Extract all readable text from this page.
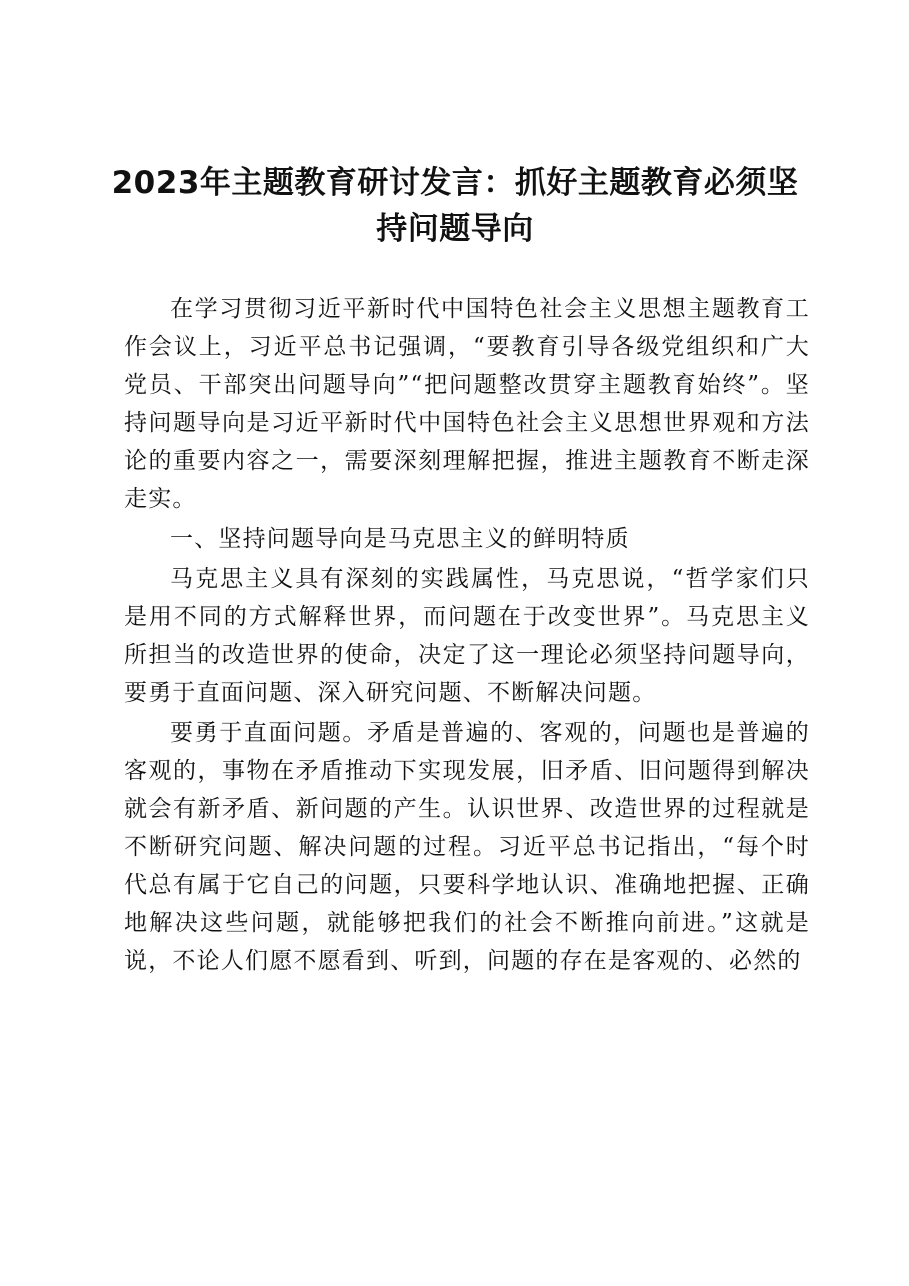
2023年主题教育研讨发言：抓好主题教育必须坚持问题导向

在学习贯彻习近平新时代中国特色社会主义思想主题教育工作会议上，习近平总书记强调，“要教育引导各级党组织和广大党员、干部突出问题导向”“把问题整改贯穿主题教育始终”。坚持问题导向是习近平新时代中国特色社会主义思想世界观和方法论的重要内容之一，需要深刻理解把握，推进主题教育不断走深走实。

一、坚持问题导向是马克思主义的鲜明特质

马克思主义具有深刻的实践属性，马克思说，“哲学家们只是用不同的方式解释世界，而问题在于改变世界”。马克思主义所担当的改造世界的使命，决定了这一理论必须坚持问题导向，要勇于直面问题、深入研究问题、不断解决问题。

要勇于直面问题。矛盾是普遍的、客观的，问题也是普遍的客观的，事物在矛盾推动下实现发展，旧矛盾、旧问题得到解决就会有新矛盾、新问题的产生。认识世界、改造世界的过程就是不断研究问题、解决问题的过程。习近平总书记指出，“每个时代总有属于它自己的问题，只要科学地认识、准确地把握、正确地解决这些问题，就能够把我们的社会不断推向前进。”这就是说，不论人们愿不愿看到、听到，问题的存在是客观的、必然的
